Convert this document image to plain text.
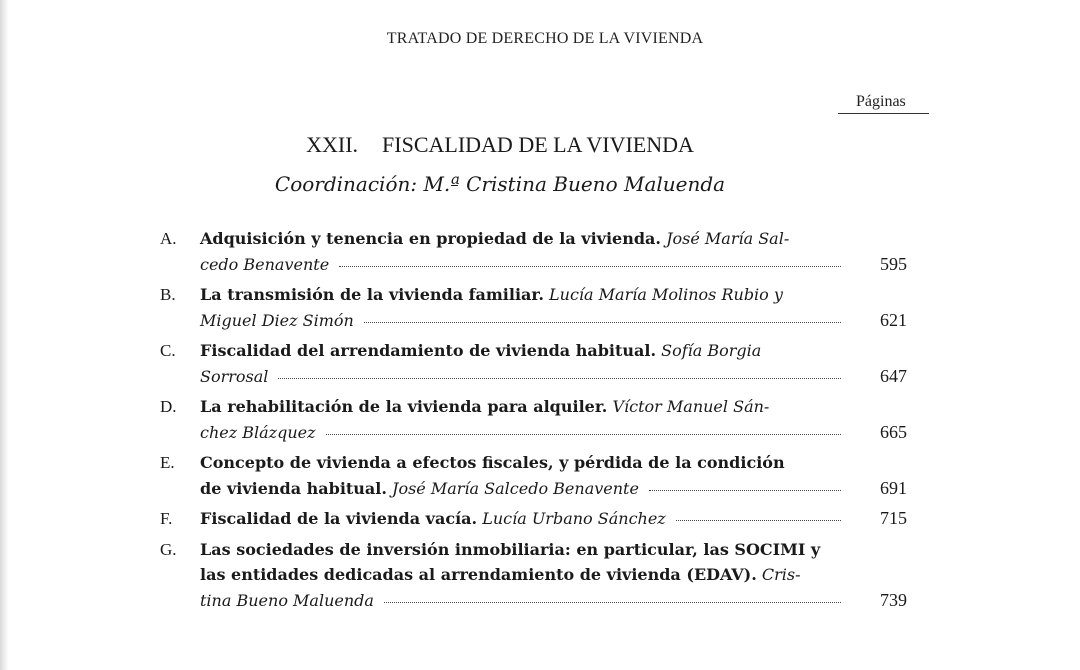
TRATADO DE DERECHO DE LA VIVIENDA
Páginas
XXII. FISCALIDAD DE LA VIVIENDA
Coordinación: M.ª Cristina Bueno Maluenda
A. Adquisición y tenencia en propiedad de la vivienda. José María Sal-
cedo Benavente	595
B. La transmisión de la vivienda familiar. Lucía María Molinos Rubio y
Miguel Diez Simón	621
C. Fiscalidad del arrendamiento de vivienda habitual. Sofía Borgia
Sorrosal	647
D. La rehabilitación de la vivienda para alquiler. Víctor Manuel Sán-
chez Blázquez	665
E. Concepto de vivienda a efectos fiscales, y pérdida de la condición
de vivienda habitual.
José María Salcedo Benavente	691
F. Fiscalidad de la vivienda vacía.
Lucía Urbano Sánchez	715
G. Las sociedades de inversión inmobiliaria: en particular, las SOCIMI y
las entidades dedicadas al arrendamiento de vivienda (EDAV). Cris-
tina Bueno Maluenda	739
